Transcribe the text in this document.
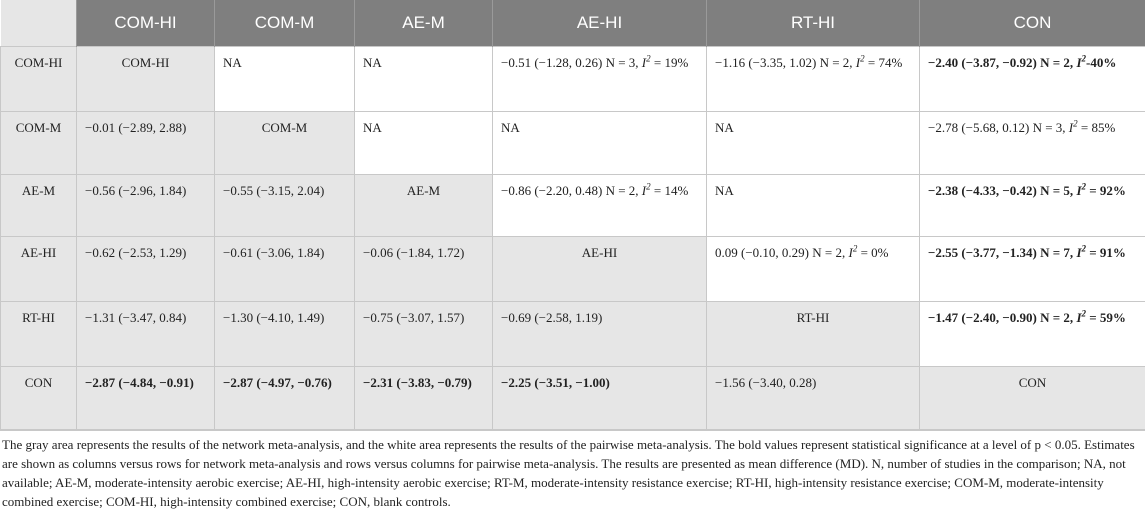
	COM-HI	COM-M	AE-M	AE-HI	RT-HI	CON
COM-HI	COM-HI	NA	NA	−0.51 (−1.28, 0.26) N = 3, $I^2 = 19\%$	−1.16 (−3.35, 1.02) N = 2, $I^2 = 74\%$	−2.40 (−3.87, −0.92) N = 2, $I^2-40\%$
COM-M	−0.01 (−2.89, 2.88)	COM-M	NA	NA	NA	−2.78 (−5.68, 0.12) N = 3, $I^2 = 85\%$
AE-M	−0.56 (−2.96, 1.84)	−0.55 (−3.15, 2.04)	AE-M	−0.86 (−2.20, 0.48) N = 2, $I^2 = 14\%$	NA	−2.38 (−4.33, −0.42) N = 5, $I^2 = 92\%$
AE-HI	−0.62 (−2.53, 1.29)	−0.61 (−3.06, 1.84)	−0.06 (−1.84, 1.72)	AE-HI	0.09 (−0.10, 0.29) N = 2, $I^2 = 0\%$	−2.55 (−3.77, −1.34) N = 7, $I^2 = 91\%$
RT-HI	−1.31 (−3.47, 0.84)	−1.30 (−4.10, 1.49)	−0.75 (−3.07, 1.57)	−0.69 (−2.58, 1.19)	RT-HI	−1.47 (−2.40, −0.90) N = 2, $I^2 = 59\%$
CON	−2.87 (−4.84, −0.91)	−2.87 (−4.97, −0.76)	−2.31 (−3.83, −0.79)	−2.25 (−3.51, −1.00)	−1.56 (−3.40, 0.28)	CON
The gray area represents the results of the network meta-analysis, and the white area represents the results of the pairwise meta-analysis. The bold values represent statistical significance at a level of p < 0.05. Estimates are shown as columns versus rows for network meta-analysis and rows versus columns for pairwise meta-analysis. The results are presented as mean difference (MD). N, number of studies in the comparison; NA, not available; AE-M, moderate-intensity aerobic exercise; AE-HI, high-intensity aerobic exercise; RT-M, moderate-intensity resistance exercise; RT-HI, high-intensity resistance exercise; COM-M, moderate-intensity combined exercise; COM-HI, high-intensity combined exercise; CON, blank controls.
